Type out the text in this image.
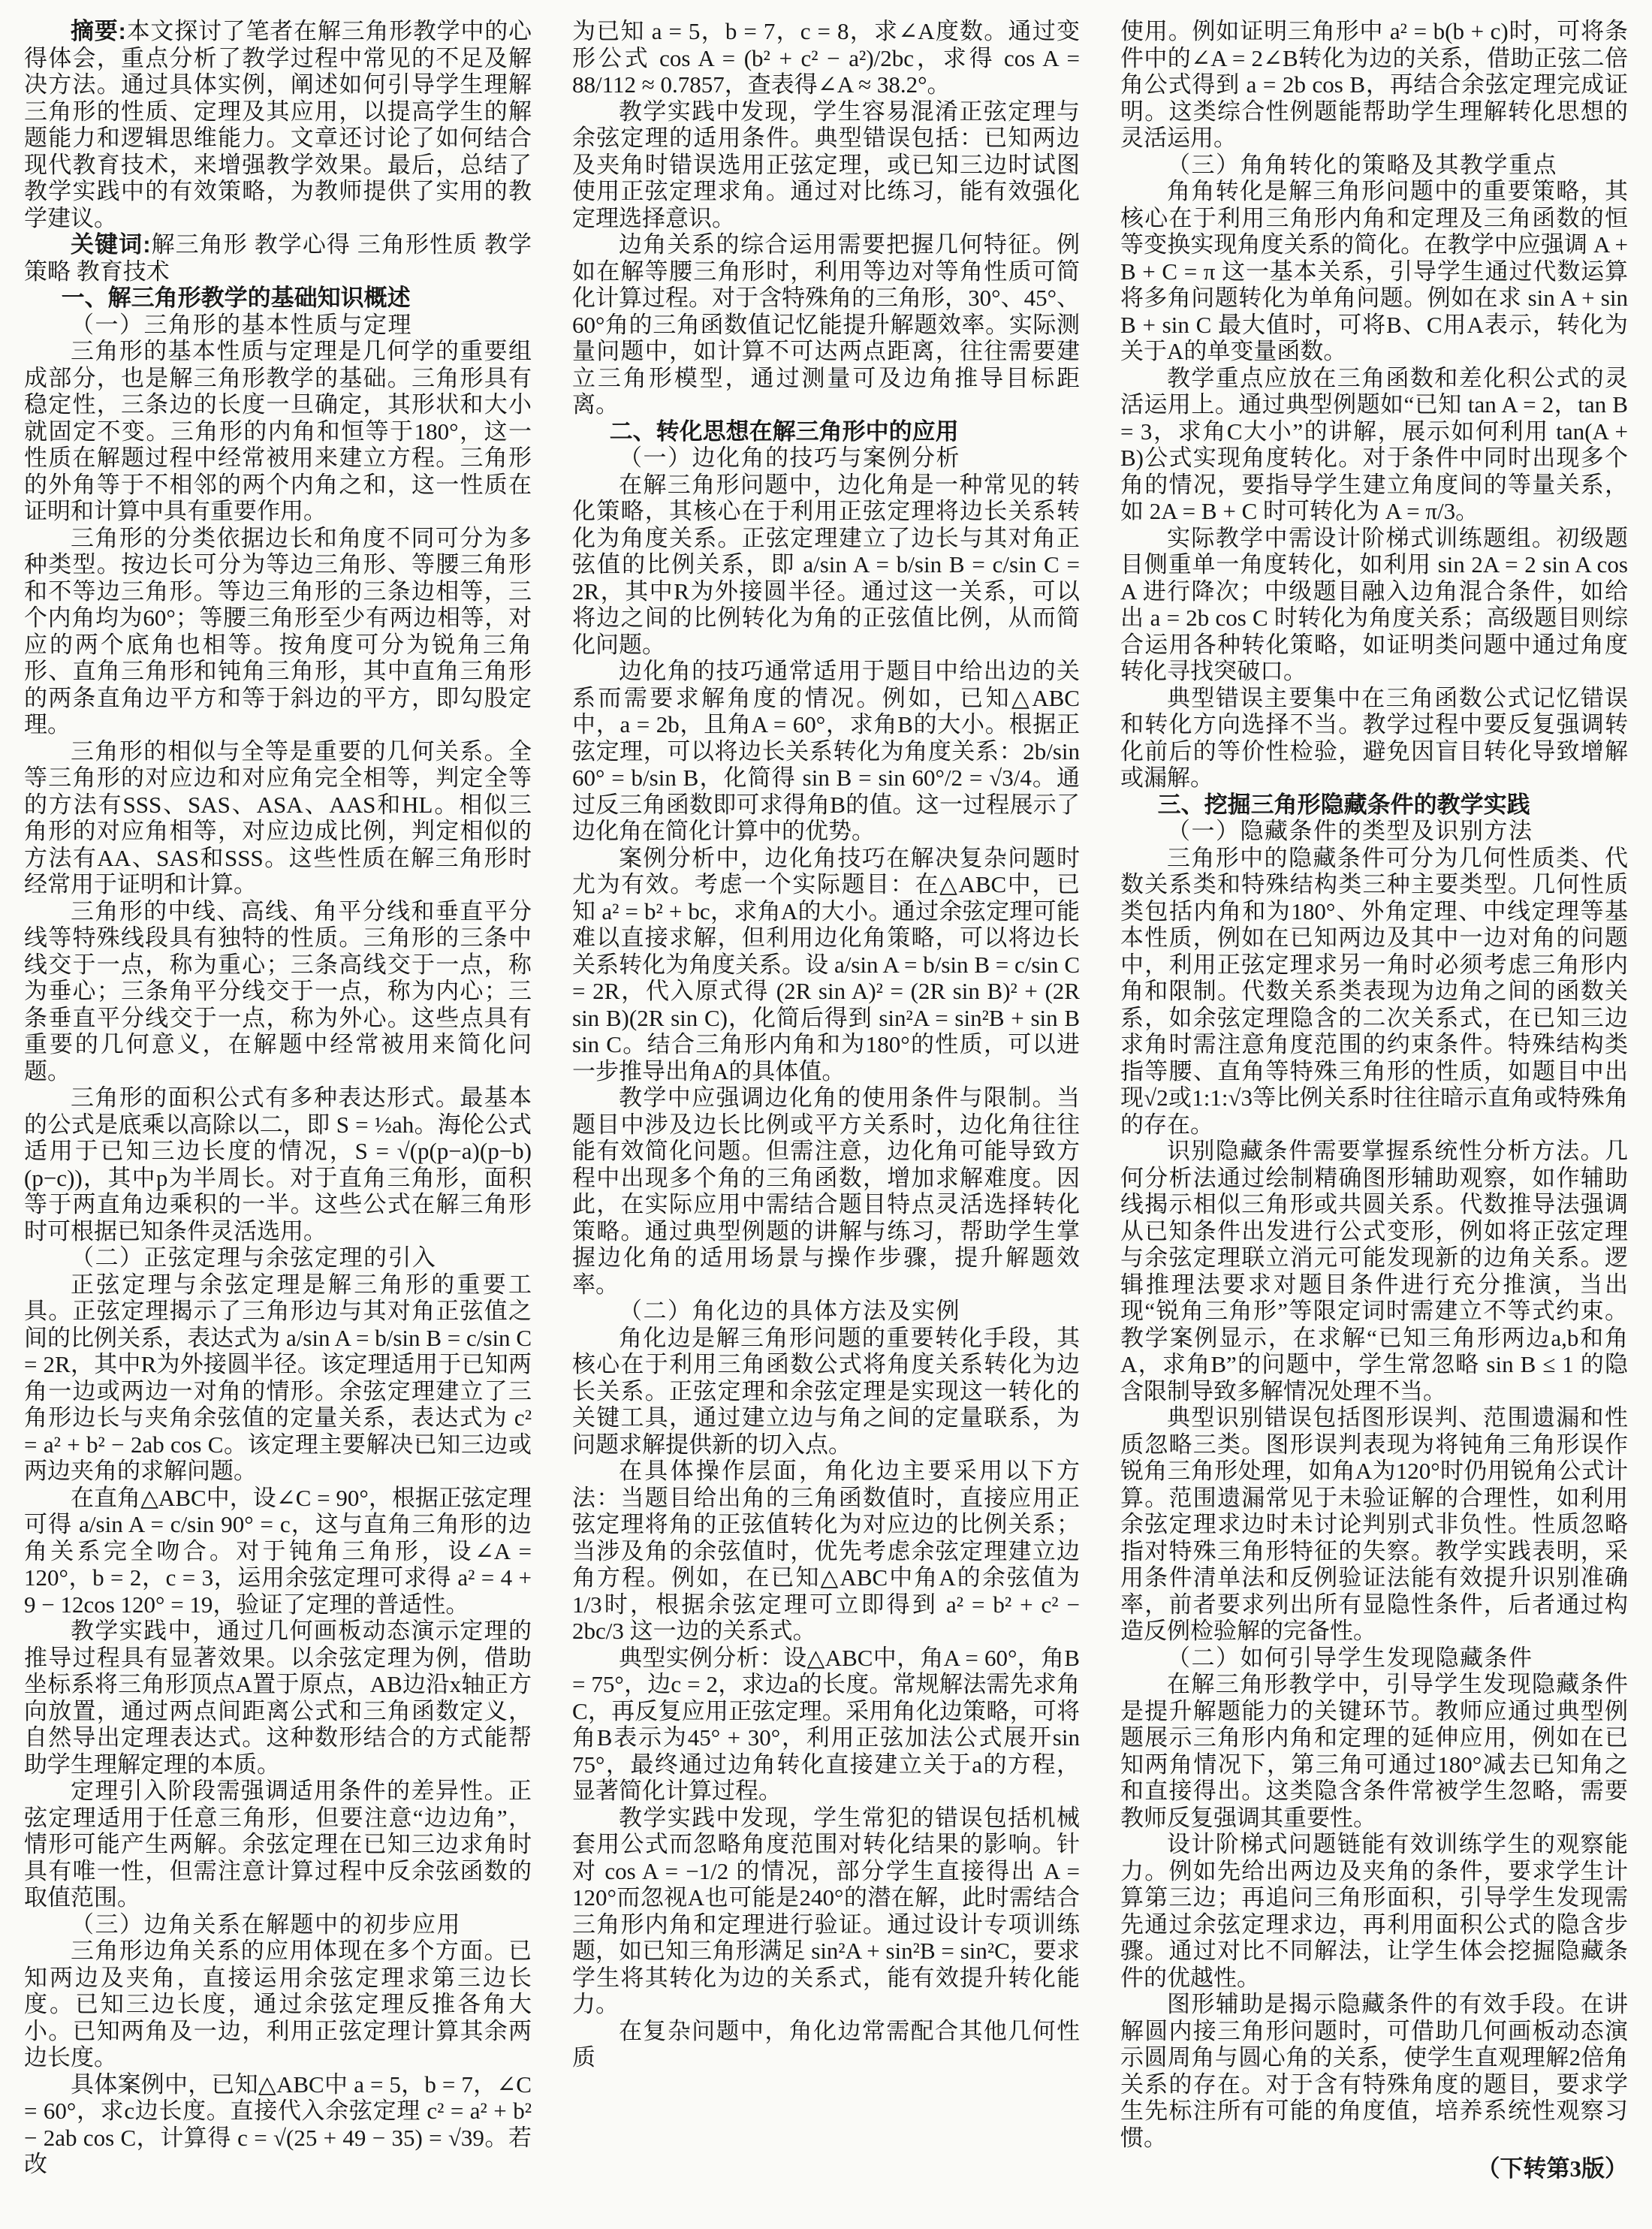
摘要:本文探讨了笔者在解三角形教学中的心得体会，重点分析了教学过程中常见的不足及解决方法。通过具体实例，阐述如何引导学生理解三角形的性质、定理及其应用，以提高学生的解题能力和逻辑思维能力。文章还讨论了如何结合现代教育技术，来增强教学效果。最后，总结了教学实践中的有效策略，为教师提供了实用的教学建议。

关键词:解三角形 教学心得 三角形性质 教学策略 教育技术

一、解三角形教学的基础知识概述

（一）三角形的基本性质与定理

三角形的基本性质与定理是几何学的重要组成部分，也是解三角形教学的基础。三角形具有稳定性，三条边的长度一旦确定，其形状和大小就固定不变。三角形的内角和恒等于180°，这一性质在解题过程中经常被用来建立方程。三角形的外角等于不相邻的两个内角之和，这一性质在证明和计算中具有重要作用。

三角形的分类依据边长和角度不同可分为多种类型。按边长可分为等边三角形、等腰三角形和不等边三角形。等边三角形的三条边相等，三个内角均为60°；等腰三角形至少有两边相等，对应的两个底角也相等。按角度可分为锐角三角形、直角三角形和钝角三角形，其中直角三角形的两条直角边平方和等于斜边的平方，即勾股定理。

三角形的相似与全等是重要的几何关系。全等三角形的对应边和对应角完全相等，判定全等的方法有SSS、SAS、ASA、AAS和HL。相似三角形的对应角相等，对应边成比例，判定相似的方法有AA、SAS和SSS。这些性质在解三角形时经常用于证明和计算。

三角形的中线、高线、角平分线和垂直平分线等特殊线段具有独特的性质。三角形的三条中线交于一点，称为重心；三条高线交于一点，称为垂心；三条角平分线交于一点，称为内心；三条垂直平分线交于一点，称为外心。这些点具有重要的几何意义，在解题中经常被用来简化问题。

三角形的面积公式有多种表达形式。最基本的公式是底乘以高除以二，即 S = ½ah。海伦公式适用于已知三边长度的情况，S = √(p(p−a)(p−b)(p−c))，其中p为半周长。对于直角三角形，面积等于两直角边乘积的一半。这些公式在解三角形时可根据已知条件灵活选用。

（二）正弦定理与余弦定理的引入

正弦定理与余弦定理是解三角形的重要工具。正弦定理揭示了三角形边与其对角正弦值之间的比例关系，表达式为 a/sin A = b/sin B = c/sin C = 2R，其中R为外接圆半径。该定理适用于已知两角一边或两边一对角的情形。余弦定理建立了三角形边长与夹角余弦值的定量关系，表达式为 c² = a² + b² − 2ab cos C。该定理主要解决已知三边或两边夹角的求解问题。

在直角△ABC中，设∠C = 90°，根据正弦定理可得 a/sin A = c/sin 90° = c，这与直角三角形的边角关系完全吻合。对于钝角三角形，设∠A = 120°，b = 2，c = 3，运用余弦定理可求得 a² = 4 + 9 − 12cos 120° = 19，验证了定理的普适性。

教学实践中，通过几何画板动态演示定理的推导过程具有显著效果。以余弦定理为例，借助坐标系将三角形顶点A置于原点，AB边沿x轴正方向放置，通过两点间距离公式和三角函数定义，自然导出定理表达式。这种数形结合的方式能帮助学生理解定理的本质。

定理引入阶段需强调适用条件的差异性。正弦定理适用于任意三角形，但要注意“边边角”，情形可能产生两解。余弦定理在已知三边求角时具有唯一性，但需注意计算过程中反余弦函数的取值范围。

（三）边角关系在解题中的初步应用

三角形边角关系的应用体现在多个方面。已知两边及夹角，直接运用余弦定理求第三边长度。已知三边长度，通过余弦定理反推各角大小。已知两角及一边，利用正弦定理计算其余两边长度。

具体案例中，已知△ABC中 a = 5，b = 7，∠C = 60°，求c边长度。直接代入余弦定理 c² = a² + b² − 2ab cos C，计算得 c = √(25 + 49 − 35) = √39。若改

为已知 a = 5，b = 7，c = 8，求∠A度数。通过变形公式 cos A = (b² + c² − a²)/2bc，求得 cos A = 88/112 ≈ 0.7857，查表得∠A ≈ 38.2°。

教学实践中发现，学生容易混淆正弦定理与余弦定理的适用条件。典型错误包括：已知两边及夹角时错误选用正弦定理，或已知三边时试图使用正弦定理求角。通过对比练习，能有效强化定理选择意识。

边角关系的综合运用需要把握几何特征。例如在解等腰三角形时，利用等边对等角性质可简化计算过程。对于含特殊角的三角形，30°、45°、60°角的三角函数值记忆能提升解题效率。实际测量问题中，如计算不可达两点距离，往往需要建立三角形模型，通过测量可及边角推导目标距离。

二、转化思想在解三角形中的应用

（一）边化角的技巧与案例分析

在解三角形问题中，边化角是一种常见的转化策略，其核心在于利用正弦定理将边长关系转化为角度关系。正弦定理建立了边长与其对角正弦值的比例关系，即 a/sin A = b/sin B = c/sin C = 2R，其中R为外接圆半径。通过这一关系，可以将边之间的比例转化为角的正弦值比例，从而简化问题。

边化角的技巧通常适用于题目中给出边的关系而需要求解角度的情况。例如，已知△ABC中，a = 2b，且角A = 60°，求角B的大小。根据正弦定理，可以将边长关系转化为角度关系：2b/sin 60° = b/sin B，化简得 sin B = sin 60°/2 = √3/4。通过反三角函数即可求得角B的值。这一过程展示了边化角在简化计算中的优势。

案例分析中，边化角技巧在解决复杂问题时尤为有效。考虑一个实际题目：在△ABC中，已知 a² = b² + bc，求角A的大小。通过余弦定理可能难以直接求解，但利用边化角策略，可以将边长关系转化为角度关系。设 a/sin A = b/sin B = c/sin C = 2R，代入原式得 (2R sin A)² = (2R sin B)² + (2R sin B)(2R sin C)，化简后得到 sin²A = sin²B + sin B sin C。结合三角形内角和为180°的性质，可以进一步推导出角A的具体值。

教学中应强调边化角的使用条件与限制。当题目中涉及边长比例或平方关系时，边化角往往能有效简化问题。但需注意，边化角可能导致方程中出现多个角的三角函数，增加求解难度。因此，在实际应用中需结合题目特点灵活选择转化策略。通过典型例题的讲解与练习，帮助学生掌握边化角的适用场景与操作步骤，提升解题效率。

（二）角化边的具体方法及实例

角化边是解三角形问题的重要转化手段，其核心在于利用三角函数公式将角度关系转化为边长关系。正弦定理和余弦定理是实现这一转化的关键工具，通过建立边与角之间的定量联系，为问题求解提供新的切入点。

在具体操作层面，角化边主要采用以下方法：当题目给出角的三角函数值时，直接应用正弦定理将角的正弦值转化为对应边的比例关系；当涉及角的余弦值时，优先考虑余弦定理建立边角方程。例如，在已知△ABC中角A的余弦值为1/3时，根据余弦定理可立即得到 a² = b² + c² − 2bc/3 这一边的关系式。

典型实例分析：设△ABC中，角A = 60°，角B = 75°，边c = 2，求边a的长度。常规解法需先求角C，再反复应用正弦定理。采用角化边策略，可将角B表示为45° + 30°，利用正弦加法公式展开sin 75°，最终通过边角转化直接建立关于a的方程，显著简化计算过程。

教学实践中发现，学生常犯的错误包括机械套用公式而忽略角度范围对转化结果的影响。针对 cos A = −1/2 的情况，部分学生直接得出 A = 120°而忽视A也可能是240°的潜在解，此时需结合三角形内角和定理进行验证。通过设计专项训练题，如已知三角形满足 sin²A + sin²B = sin²C，要求学生将其转化为边的关系式，能有效提升转化能力。

在复杂问题中，角化边常需配合其他几何性质

使用。例如证明三角形中 a² = b(b + c)时，可将条件中的∠A = 2∠B转化为边的关系，借助正弦二倍角公式得到 a = 2b cos B，再结合余弦定理完成证明。这类综合性例题能帮助学生理解转化思想的灵活运用。

（三）角角转化的策略及其教学重点

角角转化是解三角形问题中的重要策略，其核心在于利用三角形内角和定理及三角函数的恒等变换实现角度关系的简化。在教学中应强调 A + B + C = π 这一基本关系，引导学生通过代数运算将多角问题转化为单角问题。例如在求 sin A + sin B + sin C 最大值时，可将B、C用A表示，转化为关于A的单变量函数。

教学重点应放在三角函数和差化积公式的灵活运用上。通过典型例题如“已知 tan A = 2，tan B = 3，求角C大小”的讲解，展示如何利用 tan(A + B)公式实现角度转化。对于条件中同时出现多个角的情况，要指导学生建立角度间的等量关系，如 2A = B + C 时可转化为 A = π/3。

实际教学中需设计阶梯式训练题组。初级题目侧重单一角度转化，如利用 sin 2A = 2 sin A cos A 进行降次；中级题目融入边角混合条件，如给出 a = 2b cos C 时转化为角度关系；高级题目则综合运用各种转化策略，如证明类问题中通过角度转化寻找突破口。

典型错误主要集中在三角函数公式记忆错误和转化方向选择不当。教学过程中要反复强调转化前后的等价性检验，避免因盲目转化导致增解或漏解。

三、挖掘三角形隐藏条件的教学实践

（一）隐藏条件的类型及识别方法

三角形中的隐藏条件可分为几何性质类、代数关系类和特殊结构类三种主要类型。几何性质类包括内角和为180°、外角定理、中线定理等基本性质，例如在已知两边及其中一边对角的问题中，利用正弦定理求另一角时必须考虑三角形内角和限制。代数关系类表现为边角之间的函数关系，如余弦定理隐含的二次关系式，在已知三边求角时需注意角度范围的约束条件。特殊结构类指等腰、直角等特殊三角形的性质，如题目中出现√2或1:1:√3等比例关系时往往暗示直角或特殊角的存在。

识别隐藏条件需要掌握系统性分析方法。几何分析法通过绘制精确图形辅助观察，如作辅助线揭示相似三角形或共圆关系。代数推导法强调从已知条件出发进行公式变形，例如将正弦定理与余弦定理联立消元可能发现新的边角关系。逻辑推理法要求对题目条件进行充分推演，当出现“锐角三角形”等限定词时需建立不等式约束。教学案例显示，在求解“已知三角形两边a,b和角A，求角B”的问题中，学生常忽略 sin B ≤ 1 的隐含限制导致多解情况处理不当。

典型识别错误包括图形误判、范围遗漏和性质忽略三类。图形误判表现为将钝角三角形误作锐角三角形处理，如角A为120°时仍用锐角公式计算。范围遗漏常见于未验证解的合理性，如利用余弦定理求边时未讨论判别式非负性。性质忽略指对特殊三角形特征的失察。教学实践表明，采用条件清单法和反例验证法能有效提升识别准确率，前者要求列出所有显隐性条件，后者通过构造反例检验解的完备性。

（二）如何引导学生发现隐藏条件

在解三角形教学中，引导学生发现隐藏条件是提升解题能力的关键环节。教师应通过典型例题展示三角形内角和定理的延伸应用，例如在已知两角情况下，第三角可通过180°减去已知角之和直接得出。这类隐含条件常被学生忽略，需要教师反复强调其重要性。

设计阶梯式问题链能有效训练学生的观察能力。例如先给出两边及夹角的条件，要求学生计算第三边；再追问三角形面积，引导学生发现需先通过余弦定理求边，再利用面积公式的隐含步骤。通过对比不同解法，让学生体会挖掘隐藏条件的优越性。

图形辅助是揭示隐藏条件的有效手段。在讲解圆内接三角形问题时，可借助几何画板动态演示圆周角与圆心角的关系，使学生直观理解2倍角关系的存在。对于含有特殊角度的题目，要求学生先标注所有可能的角度值，培养系统性观察习惯。

（下转第3版）
